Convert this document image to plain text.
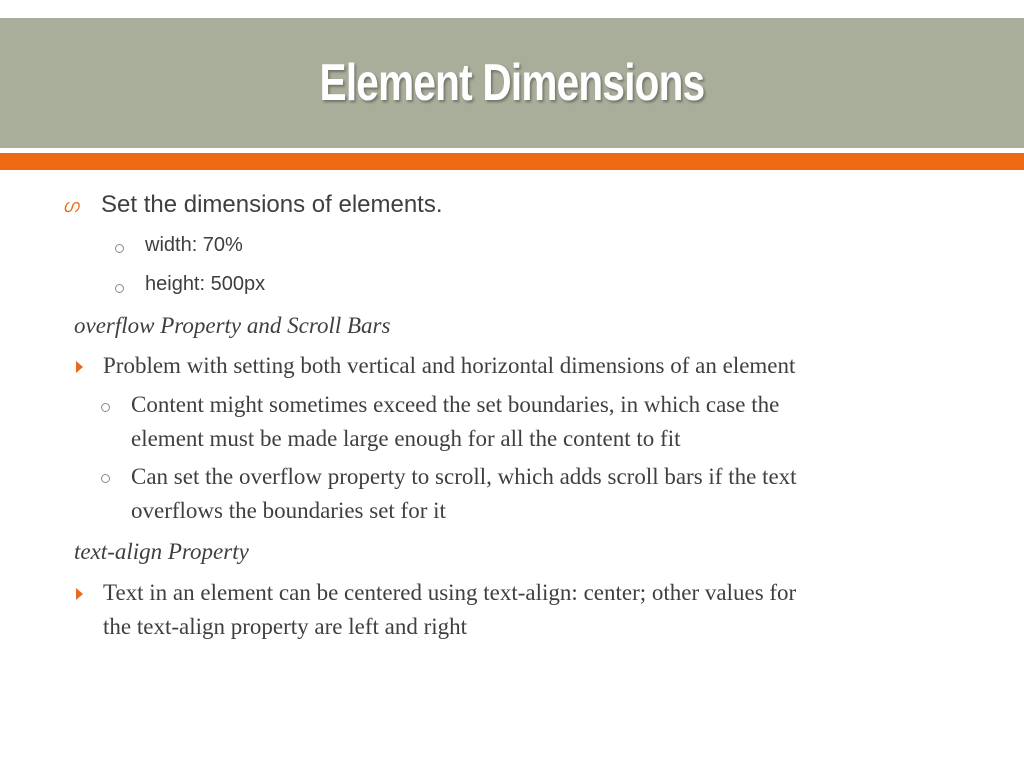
Element Dimensions
ഗ Set the dimensions of elements.
width: 70%
height: 500px
overflow Property and Scroll Bars
Problem with setting both vertical and horizontal dimensions of an element
Content might sometimes exceed the set boundaries, in which case the
element must be made large enough for all the content to fit
Can set the overflow property to scroll, which adds scroll bars if the text
overflows the boundaries set for it
text-align Property
Text in an element can be centered using text-align: center; other values for
the text-align property are left and right
